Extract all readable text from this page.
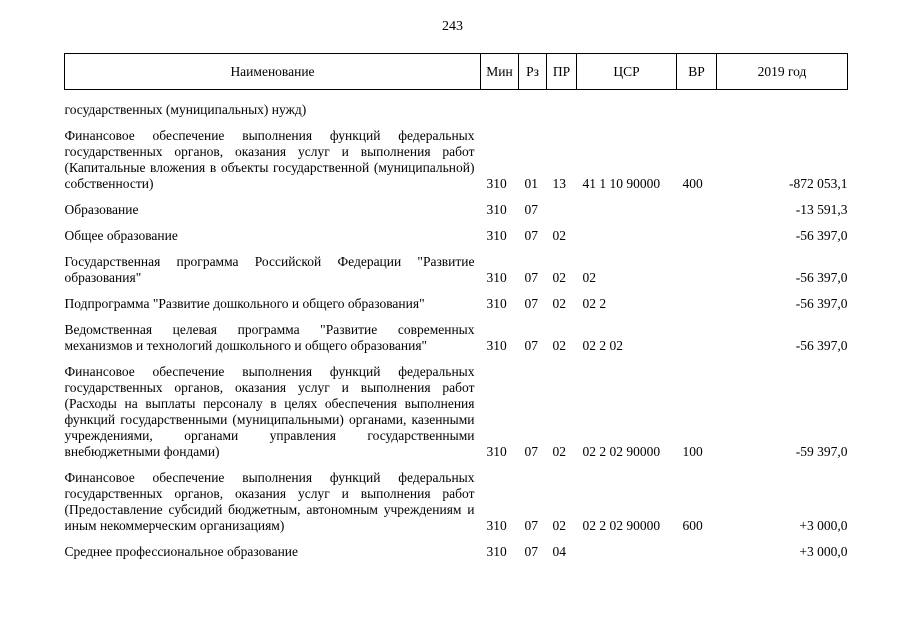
243
Наименование	Мин	Рз	ПР	ЦСР	ВР	2019 год
государственных (муниципальных) нужд)						
Финансовое обеспечение выполнения функций федеральных государственных органов, оказания услуг и выполнения работ (Капитальные вложения в объекты государственной (муниципальной) собственности)	310	01	13	41 1 10 90000	400	-872 053,1
Образование	310	07				-13 591,3
Общее образование	310	07	02			-56 397,0
Государственная программа Российской Федерации "Развитие образования"	310	07	02	02		-56 397,0
Подпрограмма "Развитие дошкольного и общего образования"	310	07	02	02 2		-56 397,0
Ведомственная целевая программа "Развитие современных механизмов и технологий дошкольного и общего образования"	310	07	02	02 2 02		-56 397,0
Финансовое обеспечение выполнения функций федеральных государственных органов, оказания услуг и выполнения работ (Расходы на выплаты персоналу в целях обеспечения выполнения функций государственными (муниципальными) органами, казенными учреждениями, органами управления государственными внебюджетными фондами)	310	07	02	02 2 02 90000	100	-59 397,0
Финансовое обеспечение выполнения функций федеральных государственных органов, оказания услуг и выполнения работ (Предоставление субсидий бюджетным, автономным учреждениям и иным некоммерческим организациям)	310	07	02	02 2 02 90000	600	+3 000,0
Среднее профессиональное образование	310	07	04			+3 000,0
